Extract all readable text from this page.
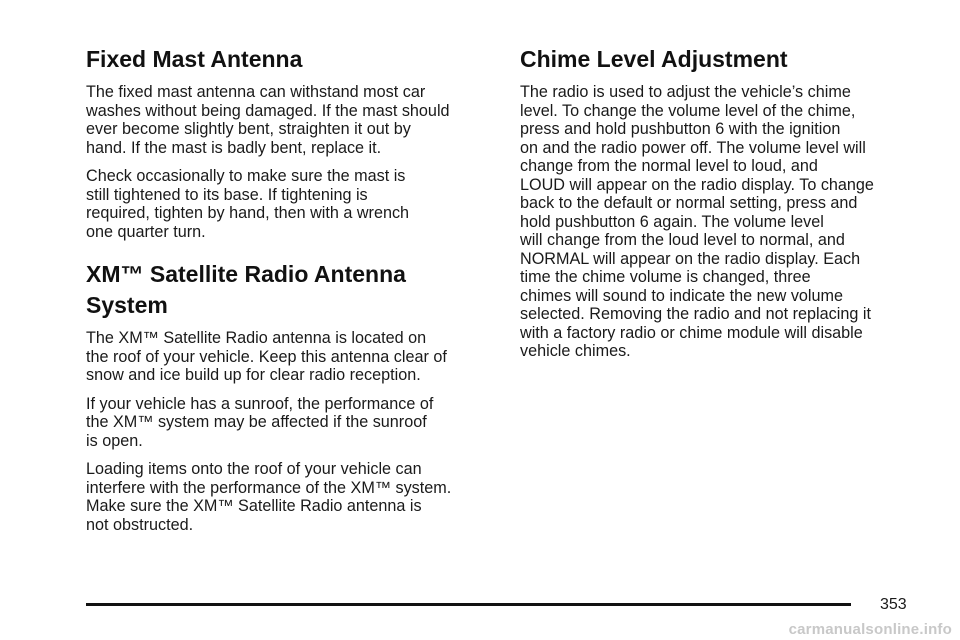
Fixed Mast Antenna

The fixed mast antenna can withstand most car
washes without being damaged. If the mast should
ever become slightly bent, straighten it out by
hand. If the mast is badly bent, replace it.

Check occasionally to make sure the mast is
still tightened to its base. If tightening is
required, tighten by hand, then with a wrench
one quarter turn.

XM™ Satellite Radio Antenna
System

The XM™ Satellite Radio antenna is located on
the roof of your vehicle. Keep this antenna clear of
snow and ice build up for clear radio reception.

If your vehicle has a sunroof, the performance of
the XM™ system may be affected if the sunroof
is open.

Loading items onto the roof of your vehicle can
interfere with the performance of the XM™ system.
Make sure the XM™ Satellite Radio antenna is
not obstructed.

Chime Level Adjustment

The radio is used to adjust the vehicle’s chime
level. To change the volume level of the chime,
press and hold pushbutton 6 with the ignition
on and the radio power off. The volume level will
change from the normal level to loud, and
LOUD will appear on the radio display. To change
back to the default or normal setting, press and
hold pushbutton 6 again. The volume level
will change from the loud level to normal, and
NORMAL will appear on the radio display. Each
time the chime volume is changed, three
chimes will sound to indicate the new volume
selected. Removing the radio and not replacing it
with a factory radio or chime module will disable
vehicle chimes.

353
carmanualsonline.info
